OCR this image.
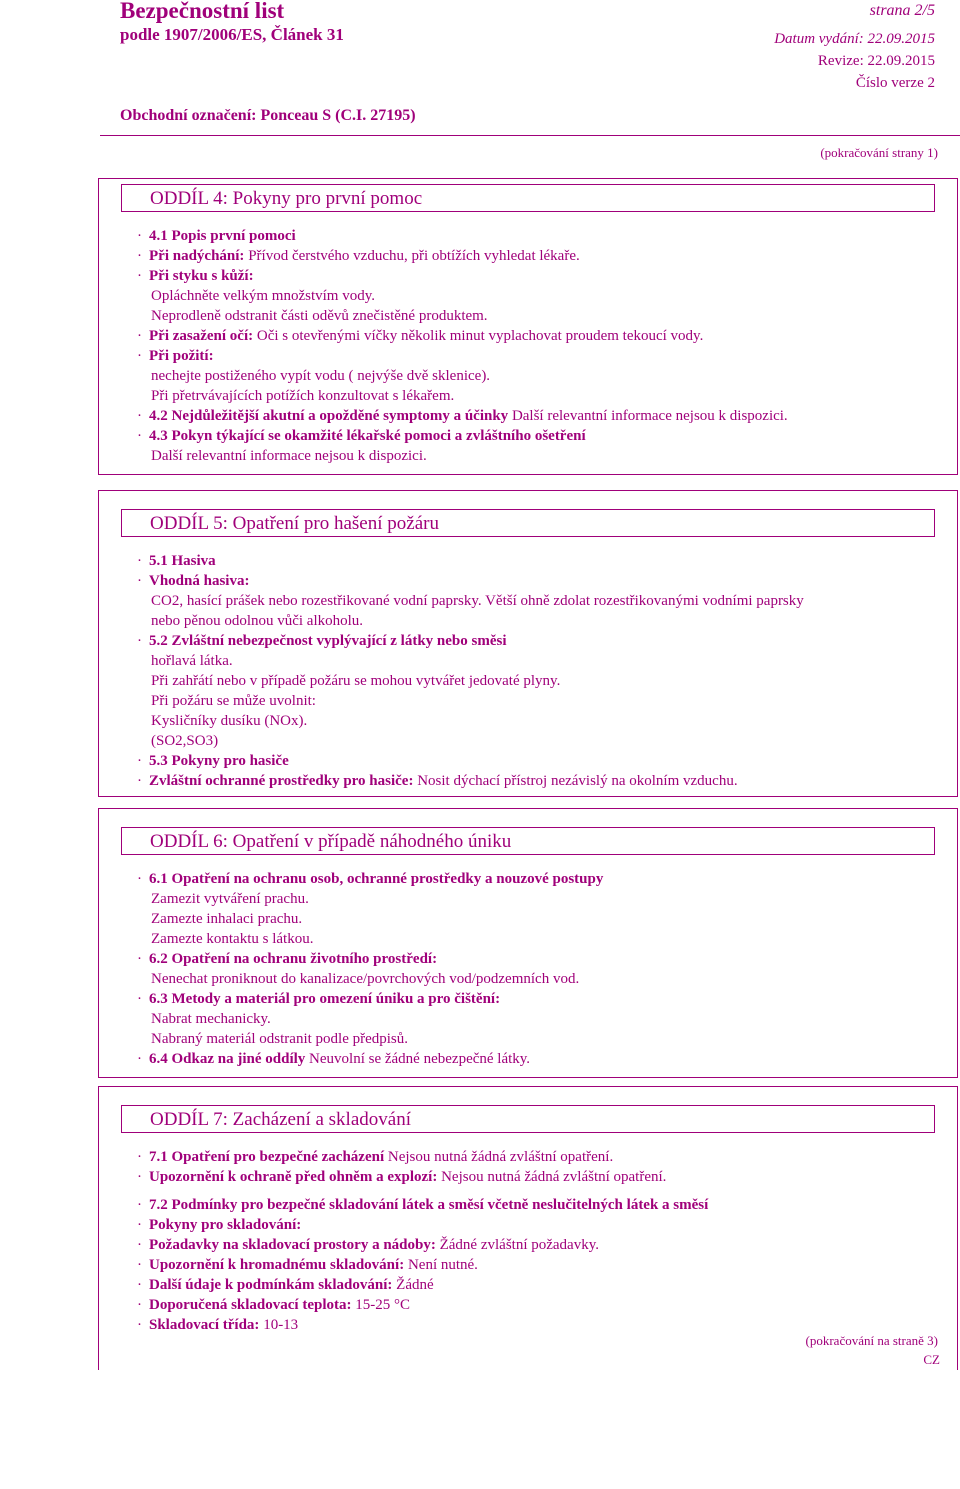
Bezpečnostní list
podle 1907/2006/ES, Článek 31
strana 2/5
Datum vydání: 22.09.2015
Revize: 22.09.2015
Číslo verze 2
Obchodní označení: Ponceau S (C.I. 27195)
(pokračování strany 1)
ODDÍL 4: Pokyny pro první pomoc
· 4.1 Popis první pomoci
· Při nadýchání: Přívod čerstvého vzduchu, při obtížích vyhledat lékaře.
· Při styku s kůží:
Opláchněte velkým množstvím vody.
Neprodleně odstranit části oděvů znečistěné produktem.
· Při zasažení očí: Oči s otevřenými víčky několik minut vyplachovat proudem tekoucí vody.
· Při požití:
nechejte postiženého vypít vodu ( nejvýše dvě sklenice).
Při přetrvávajících potížích konzultovat s lékařem.
· 4.2 Nejdůležitější akutní a opožděné symptomy a účinky Další relevantní informace nejsou k dispozici.
· 4.3 Pokyn týkající se okamžité lékařské pomoci a zvláštního ošetření
Další relevantní informace nejsou k dispozici.
ODDÍL 5: Opatření pro hašení požáru
· 5.1 Hasiva
· Vhodná hasiva:
CO2, hasící prášek nebo rozestřikované vodní paprsky. Větší ohně zdolat rozestřikovanými vodními paprsky
nebo pěnou odolnou vůči alkoholu.
· 5.2 Zvláštní nebezpečnost vyplývající z látky nebo směsi
hořlavá látka.
Při zahřátí nebo v případě požáru se mohou vytvářet jedovaté plyny.
Při požáru se může uvolnit:
Kysličníky dusíku (NOx).
(SO2,SO3)
· 5.3 Pokyny pro hasiče
· Zvláštní ochranné prostředky pro hasiče: Nosit dýchací přístroj nezávislý na okolním vzduchu.
ODDÍL 6: Opatření v případě náhodného úniku
· 6.1 Opatření na ochranu osob, ochranné prostředky a nouzové postupy
Zamezit vytváření prachu.
Zamezte inhalaci prachu.
Zamezte kontaktu s látkou.
· 6.2 Opatření na ochranu životního prostředí:
Nenechat proniknout do kanalizace/povrchových vod/podzemních vod.
· 6.3 Metody a materiál pro omezení úniku a pro čištění:
Nabrat mechanicky.
Nabraný materiál odstranit podle předpisů.
· 6.4 Odkaz na jiné oddíly Neuvolní se žádné nebezpečné látky.
ODDÍL 7: Zacházení a skladování
· 7.1 Opatření pro bezpečné zacházení Nejsou nutná žádná zvláštní opatření.
· Upozornění k ochraně před ohněm a explozí: Nejsou nutná žádná zvláštní opatření.
· 7.2 Podmínky pro bezpečné skladování látek a směsí včetně neslučitelných látek a směsí
· Pokyny pro skladování:
· Požadavky na skladovací prostory a nádoby: Žádné zvláštní požadavky.
· Upozornění k hromadnému skladování: Není nutné.
· Další údaje k podmínkám skladování: Žádné
· Doporučená skladovací teplota: 15-25 °C
· Skladovací třída: 10-13
(pokračování na straně 3)
CZ
